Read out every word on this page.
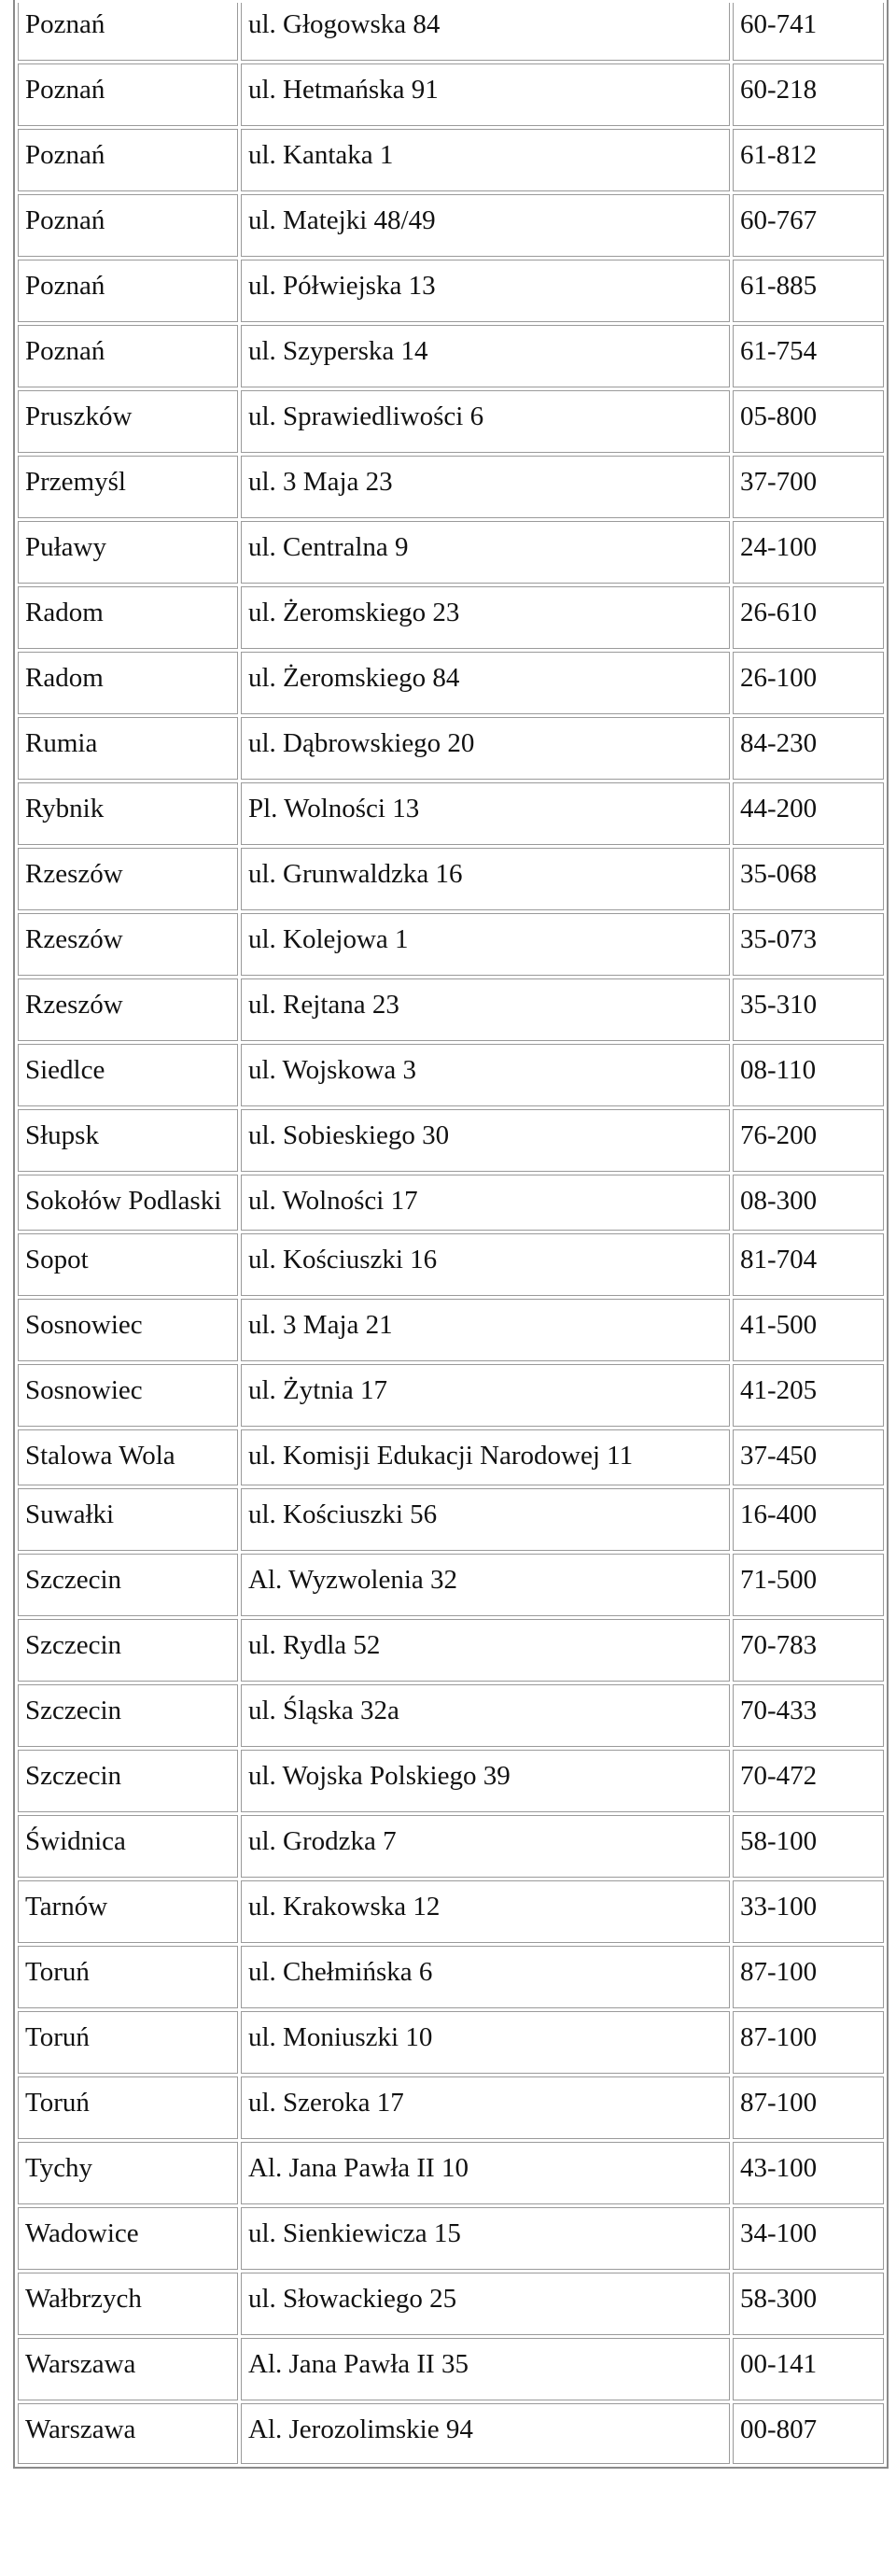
Poznań	ul. Głogowska 84	60-741
Poznań	ul. Hetmańska 91	60-218
Poznań	ul. Kantaka 1	61-812
Poznań	ul. Matejki 48/49	60-767
Poznań	ul. Półwiejska 13	61-885
Poznań	ul. Szyperska 14	61-754
Pruszków	ul. Sprawiedliwości 6	05-800
Przemyśl	ul. 3 Maja 23	37-700
Puławy	ul. Centralna 9	24-100
Radom	ul. Żeromskiego 23	26-610
Radom	ul. Żeromskiego 84	26-100
Rumia	ul. Dąbrowskiego 20	84-230
Rybnik	Pl. Wolności 13	44-200
Rzeszów	ul. Grunwaldzka 16	35-068
Rzeszów	ul. Kolejowa 1	35-073
Rzeszów	ul. Rejtana 23	35-310
Siedlce	ul. Wojskowa 3	08-110
Słupsk	ul. Sobieskiego 30	76-200
Sokołów Podlaski	ul. Wolności 17	08-300
Sopot	ul. Kościuszki 16	81-704
Sosnowiec	ul. 3 Maja 21	41-500
Sosnowiec	ul. Żytnia 17	41-205
Stalowa Wola	ul. Komisji Edukacji Narodowej 11	37-450
Suwałki	ul. Kościuszki 56	16-400
Szczecin	Al. Wyzwolenia 32	71-500
Szczecin	ul. Rydla 52	70-783
Szczecin	ul. Śląska 32a	70-433
Szczecin	ul. Wojska Polskiego 39	70-472
Świdnica	ul. Grodzka 7	58-100
Tarnów	ul. Krakowska 12	33-100
Toruń	ul. Chełmińska 6	87-100
Toruń	ul. Moniuszki 10	87-100
Toruń	ul. Szeroka 17	87-100
Tychy	Al. Jana Pawła II 10	43-100
Wadowice	ul. Sienkiewicza 15	34-100
Wałbrzych	ul. Słowackiego 25	58-300
Warszawa	Al. Jana Pawła II 35	00-141
Warszawa	Al. Jerozolimskie 94	00-807
